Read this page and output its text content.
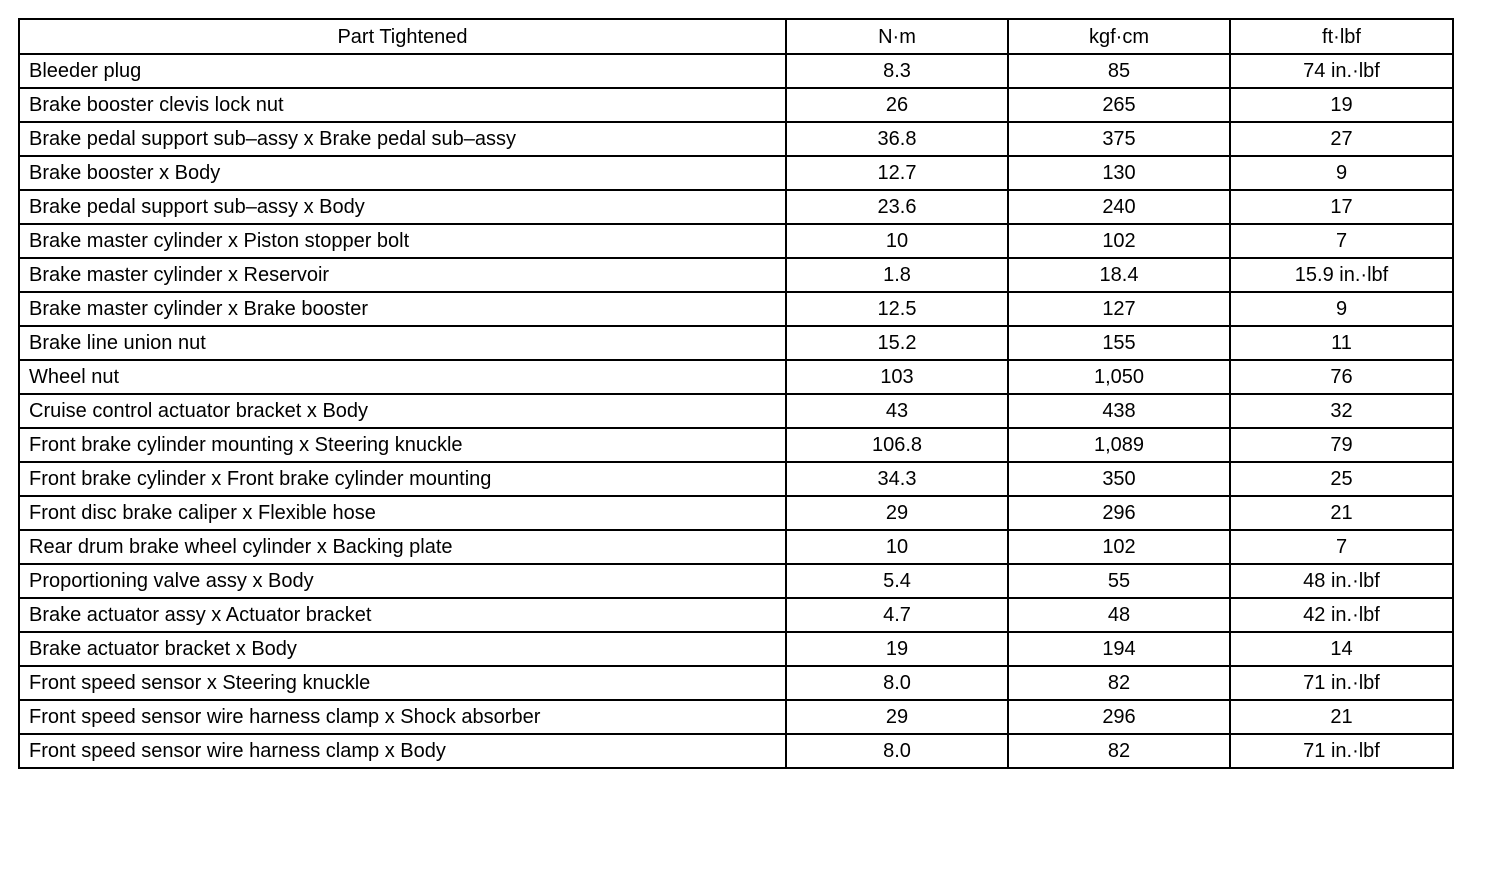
Part Tightened	N·m	kgf·cm	ft·lbf
Bleeder plug	8.3	85	74 in.·lbf
Brake booster clevis lock nut	26	265	19
Brake pedal support sub–assy x Brake pedal sub–assy	36.8	375	27
Brake booster x Body	12.7	130	9
Brake pedal support sub–assy x Body	23.6	240	17
Brake master cylinder x Piston stopper bolt	10	102	7
Brake master cylinder x Reservoir	1.8	18.4	15.9 in.·lbf
Brake master cylinder x Brake booster	12.5	127	9
Brake line union nut	15.2	155	11
Wheel nut	103	1,050	76
Cruise control actuator bracket x Body	43	438	32
Front brake cylinder mounting x Steering knuckle	106.8	1,089	79
Front brake cylinder x Front brake cylinder mounting	34.3	350	25
Front disc brake caliper x Flexible hose	29	296	21
Rear drum brake wheel cylinder x Backing plate	10	102	7
Proportioning valve assy x Body	5.4	55	48 in.·lbf
Brake actuator assy x Actuator bracket	4.7	48	42 in.·lbf
Brake actuator bracket x Body	19	194	14
Front speed sensor x Steering knuckle	8.0	82	71 in.·lbf
Front speed sensor wire harness clamp x Shock absorber	29	296	21
Front speed sensor wire harness clamp x Body	8.0	82	71 in.·lbf
